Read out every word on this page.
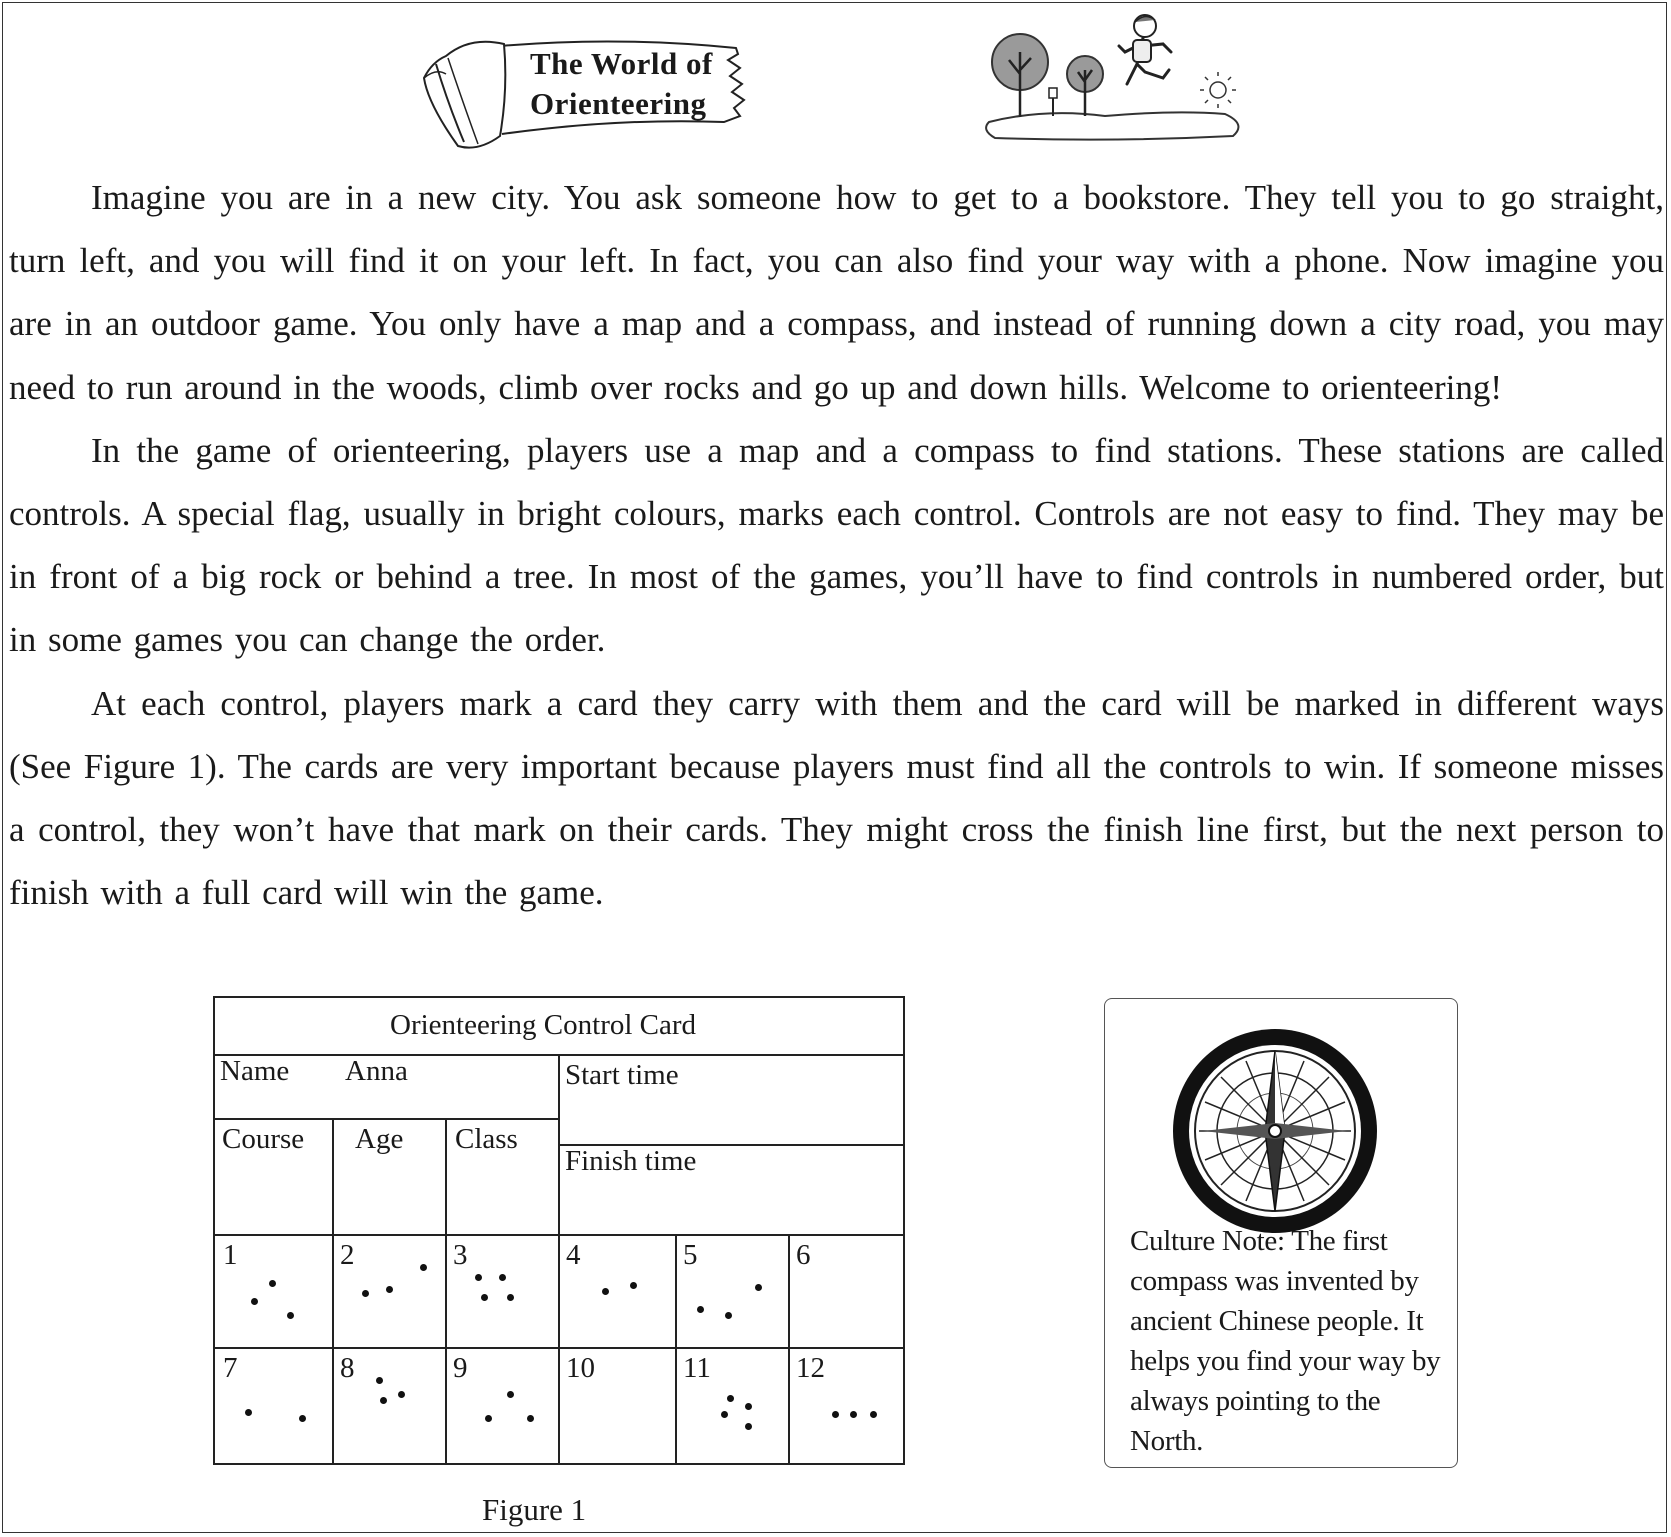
The World of
Orienteering

Imagine you are in a new city. You ask someone how to get to a bookstore. They tell you to go straight, turn left, and you will find it on your left. In fact, you can also find your way with a phone. Now imagine you are in an outdoor game. You only have a map and a compass, and instead of running down a city road, you may need to run around in the woods, climb over rocks and go up and down hills. Welcome to orienteering!

In the game of orienteering, players use a map and a compass to find stations. These stations are called controls. A special flag, usually in bright colours, marks each control. Controls are not easy to find. They may be in front of a big rock or behind a tree. In most of the games, you’ll have to find controls in numbered order, but in some games you can change the order.

At each control, players mark a card they carry with them and the card will be marked in different ways (See Figure 1). The cards are very important because players must find all the controls to win. If someone misses a control, they won’t have that mark on their cards. They might cross the finish line first, but the next person to finish with a full card will win the game.

Orienteering Control Card
Name Anna	Start time
Course Age Class
Finish time
1	2	3	4	5	6
7	8	9	10	11	12
Figure 1
Culture Note: The first compass was invented by ancient Chinese people. It helps you find your way by always pointing to the North.
